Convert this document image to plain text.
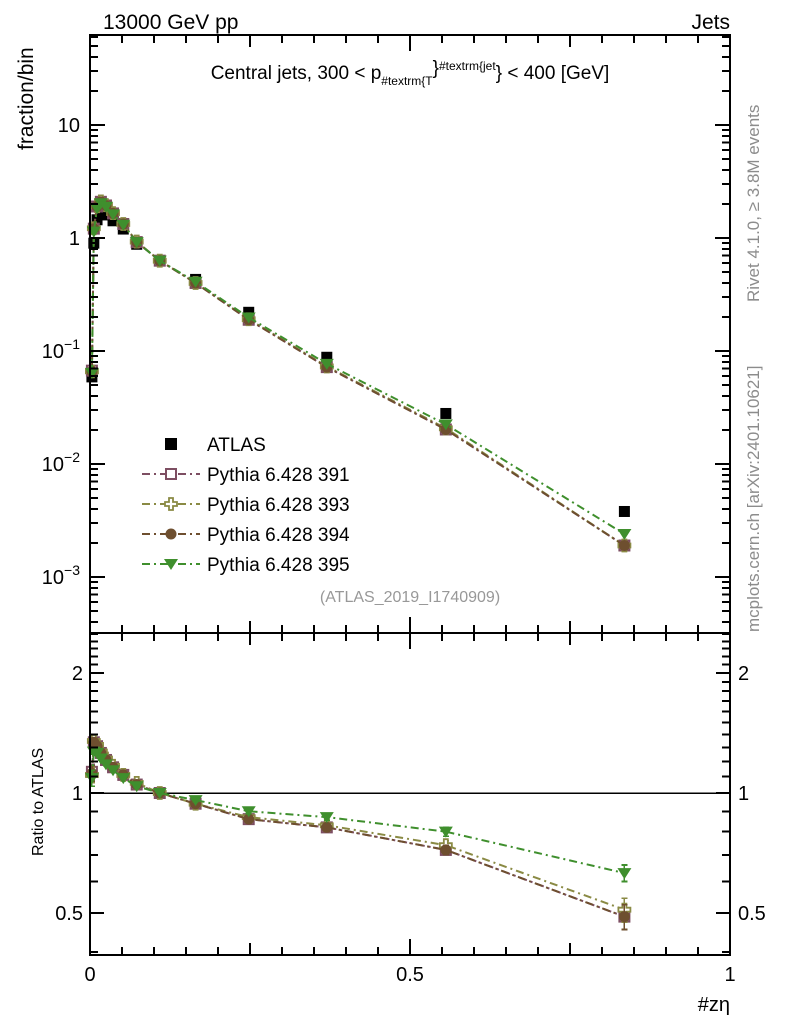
10
1
$10^{-1}$
$10^{-2}$
$10^{-3}$
2	2
1	1
0.5	0.5
0	0.5	1
ATLAS
Pythia 6.428 391
Pythia 6.428 393
Pythia 6.428 394
Pythia 6.428 395
13000 GeV pp	Jets
Central jets, $300 < p_{\#textrm\{T}\}^{\#textrm\{jet}\} < 400$ [GeV]
(ATLAS_2019_I1740909)
fraction/bin
Ratio to ATLAS
#zη
Rivet 4.1.0, ≥ 3.8M events
mcplots.cern.ch [arXiv:2401.10621]
